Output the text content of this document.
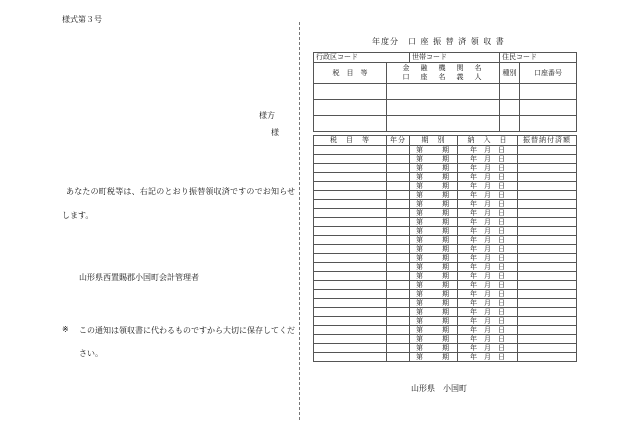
様式第３号
様方
様
あなたの町税等は、右記のとおり振替領収済ですのでお知らせ
します。
山形県西置賜郡小国町会計管理者
※ この通知は領収書に代わるものですから大切に保存してくだ
さい。
年度分　口 座 振 替 済 領 収 書
行政区コード		世帯コード	住民コード	
税　目　等	金　融　機　関　名
口　座　名　義　人		種別	口座番号

税　目　等	年分	期　別	納　入　日	振替納付済額
		第　期	年　月　日	
		第　期	年　月　日	
		第　期	年　月　日	
		第　期	年　月　日	
		第　期	年　月　日	
		第　期	年　月　日	
		第　期	年　月　日	
		第　期	年　月　日	
		第　期	年　月　日	
		第　期	年　月　日	
		第　期	年　月　日	
		第　期	年　月　日	
		第　期	年　月　日	
		第　期	年　月　日	
		第　期	年　月　日	
		第　期	年　月　日	
		第　期	年　月　日	
		第　期	年　月　日	
		第　期	年　月　日	
		第　期	年　月　日	
		第　期	年　月　日	
		第　期	年　月　日	
		第　期	年　月　日	
		第　期	年　月　日	
山形県　小国町
